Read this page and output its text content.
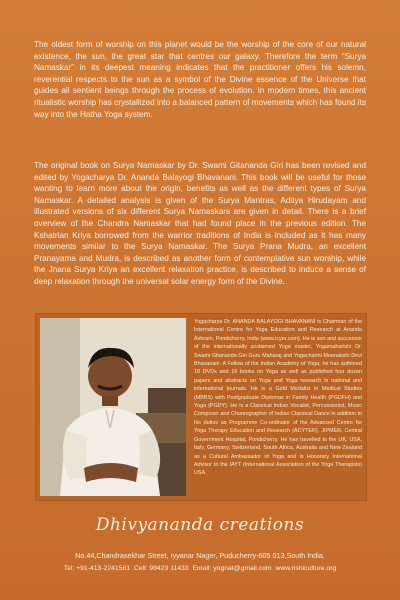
The oldest form of worship on this planet would be the worship of the core of our natural existence, the sun, the great star that centres our galaxy. Therefore the term “Surya Namaskar” in its deepest meaning indicates that the practitioner offers his solemn, reverential respects to the sun as a symbol of the Divine essence of the Universe that guides all sentient beings through the process of evolution. In modern times, this ancient ritualistic worship has crystallized into a balanced pattern of movements which has found its way into the Hatha Yoga system.

The original book on Surya Namaskar by Dr. Swami Gitananda Giri has been revised and edited by Yogacharya Dr. Ananda Balayogi Bhavanani. This book will be useful for those wanting to learn more about the origin, benefits as well as the different types of Surya Namaskar. A detailed analysis is given of the Surya Mantras, Aditya Hirudayam and illustrated versions of six different Surya Namaskars are given in detail. There is a brief overview of the Chandra Namaskar that had found place in the previous edition. The Kshatrian Kriya borrowed from the warrior traditions of India is included as it has many movements similar to the Surya Namaskar. The Surya Prana Mudra, an excellent Pranayama and Mudra, is described as another form of contemplative sun worship, while the Jnana Surya Kriya an excellent relaxation practice, is described to induce a sense of deep relaxation through the universal solar energy form of the Divine.

Yogacharya Dr. ANANDA BALAYOGI BHAVANANI is Chairman of the International Centre for Yoga Education and Research at Ananda Ashram, Pondicherry, India (www.icyer.com). He is son and successor of the internationally acclaimed Yoga master, Yogamaharishi Dr. Swami Gitananda Giri Guru Maharaj and Yogacharini Meenakshi Devi Bhavanani. A Fellow of the Indian Academy of Yoga, he has authored 18 DVDs and 16 books on Yoga as well as published four dozen papers and abstracts on Yoga and Yoga research in national and international journals. He is a Gold Medalist in Medical Studies (MBBS) with Postgraduate Diplomas in Family Health (PGDFH) and Yoga (PGDY). He is a Classical Indian Vocalist, Percussionist, Music Composer and Choreographer of Indian Classical Dance in addition to his duties as Programme Co-ordinator of the Advanced Centre for Yoga Therapy Education and Research (ACYTER), JIPMER, Central Government Hospital, Pondicherry. He has travelled to the UK, USA, Italy, Germany, Switzerland, South Africa, Australia and New Zealand as a Cultural Ambassador of Yoga and is Honorary International Advisor to the IAYT (International Association of the Yoga Therapists) USA.

Dhivyananda creations
No.44,Chandrasekhar Street, Iyyanar Nager, Puducherry-605 013,South India.
Tel: +91-413-2241561 Cell: 98423 11433 Email: yognat@gmail.com www.rishiculture.org
